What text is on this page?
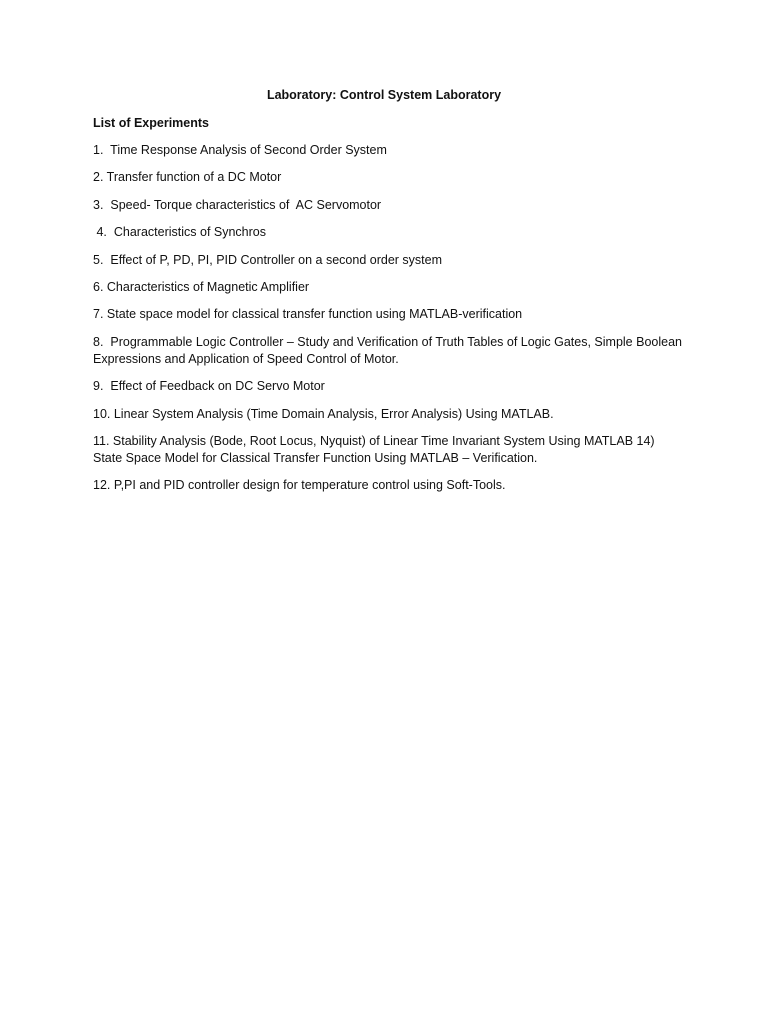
Laboratory: Control System Laboratory
List of Experiments
1.  Time Response Analysis of Second Order System
2. Transfer function of a DC Motor
3.  Speed- Torque characteristics of  AC Servomotor
4.  Characteristics of Synchros
5.  Effect of P, PD, PI, PID Controller on a second order system
6. Characteristics of Magnetic Amplifier
7. State space model for classical transfer function using MATLAB-verification
8.  Programmable Logic Controller – Study and Verification of Truth Tables of Logic Gates, Simple Boolean Expressions and Application of Speed Control of Motor.
9.  Effect of Feedback on DC Servo Motor
10. Linear System Analysis (Time Domain Analysis, Error Analysis) Using MATLAB.
11. Stability Analysis (Bode, Root Locus, Nyquist) of Linear Time Invariant System Using MATLAB 14) State Space Model for Classical Transfer Function Using MATLAB – Verification.
12. P,PI and PID controller design for temperature control using Soft-Tools.
